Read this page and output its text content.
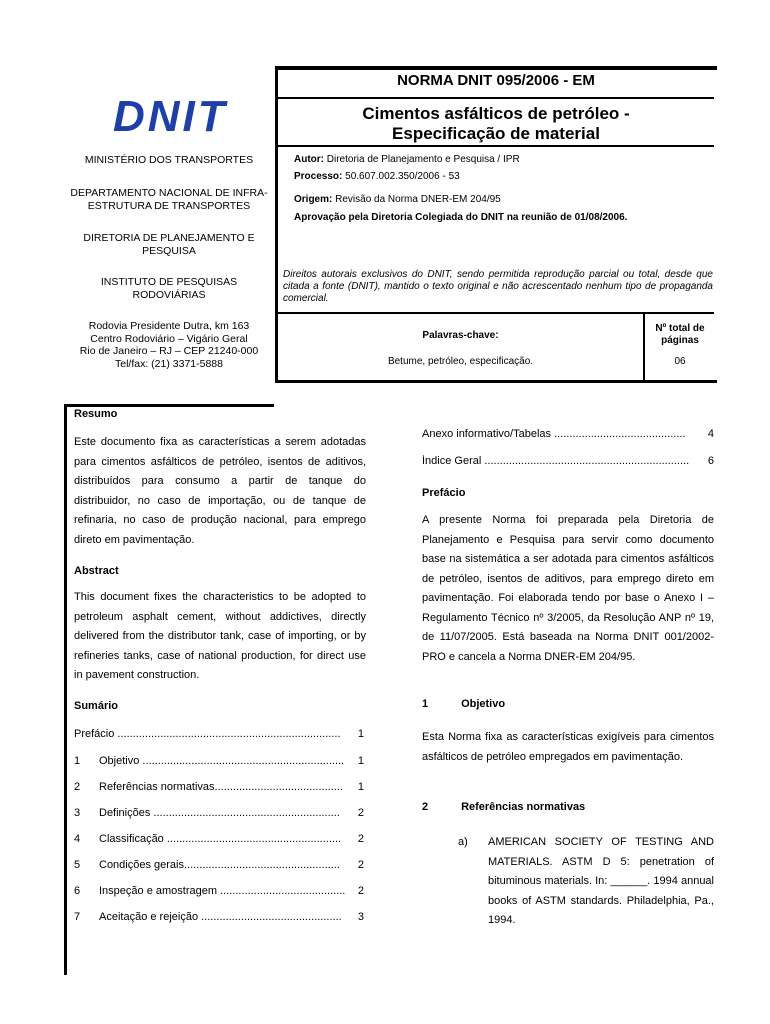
DNIT
MINISTÉRIO DOS TRANSPORTES
DEPARTAMENTO NACIONAL DE INFRA-
ESTRUTURA DE TRANSPORTES
DIRETORIA DE PLANEJAMENTO E
PESQUISA
INSTITUTO DE PESQUISAS
RODOVIÁRIAS
Rodovia Presidente Dutra, km 163
Centro Rodoviário – Vigário Geral
Rio de Janeiro – RJ – CEP 21240-000
Tel/fax: (21) 3371-5888
NORMA DNIT 095/2006 - EM
Cimentos asfálticos de petróleo -
Especificação de material
Autor: Diretoria de Planejamento e Pesquisa / IPR
Processo: 50.607.002.350/2006 - 53
Origem: Revisão da Norma DNER-EM 204/95
Aprovação pela Diretoria Colegiada do DNIT na reunião de 01/08/2006.
Direitos autorais exclusivos do DNIT, sendo permitida reprodução parcial ou total, desde que citada a fonte (DNIT), mantido o texto original e não acrescentado nenhum tipo de propaganda comercial.
Palavras-chave:
Betume, petróleo, especificação.
Nº total de
páginas
06
Resumo
Este documento fixa as características a serem adotadas para cimentos asfálticos de petróleo, isentos de aditivos, distribuídos para consumo a partir de tanque do distribuidor, no caso de importação, ou de tanque de refinaria, no caso de produção nacional, para emprego direto em pavimentação.
Abstract
This document fixes the characteristics to be adopted to petroleum asphalt cement, without addictives, directly delivered from the distributor tank, case of importing, or by refineries tanks, case of national production, for direct use in pavement construction.
Sumário
Prefácio .........................................................................	1
1	Objetivo ..................................................................	1
2	Referências normativas..........................................	1
3	Definições .............................................................	2
4	Classificação .........................................................	2
5	Condições gerais...................................................	2
6	Inspeção e amostragem .........................................	2
7	Aceitação e rejeição ..............................................	3
Anexo informativo/Tabelas ...........................................	4
Índice Geral ...................................................................	6
Prefácio
A presente Norma foi preparada pela Diretoria de Planejamento e Pesquisa para servir como documento base na sistemática a ser adotada para cimentos asfálticos de petróleo, isentos de aditivos, para emprego direto em pavimentação. Foi elaborada tendo por base o Anexo I – Regulamento Técnico nº 3/2005, da Resolução ANP nº 19, de 11/07/2005. Está baseada na Norma DNIT 001/2002-PRO e cancela a Norma DNER-EM 204/95.
1	Objetivo
Esta Norma fixa as características exigíveis para cimentos asfálticos de petróleo empregados em pavimentação.
2	Referências normativas
a)	AMERICAN SOCIETY OF TESTING AND MATERIALS. ASTM D 5: penetration of bituminous materials. In: ______. 1994 annual books of ASTM standards. Philadelphia, Pa., 1994.
